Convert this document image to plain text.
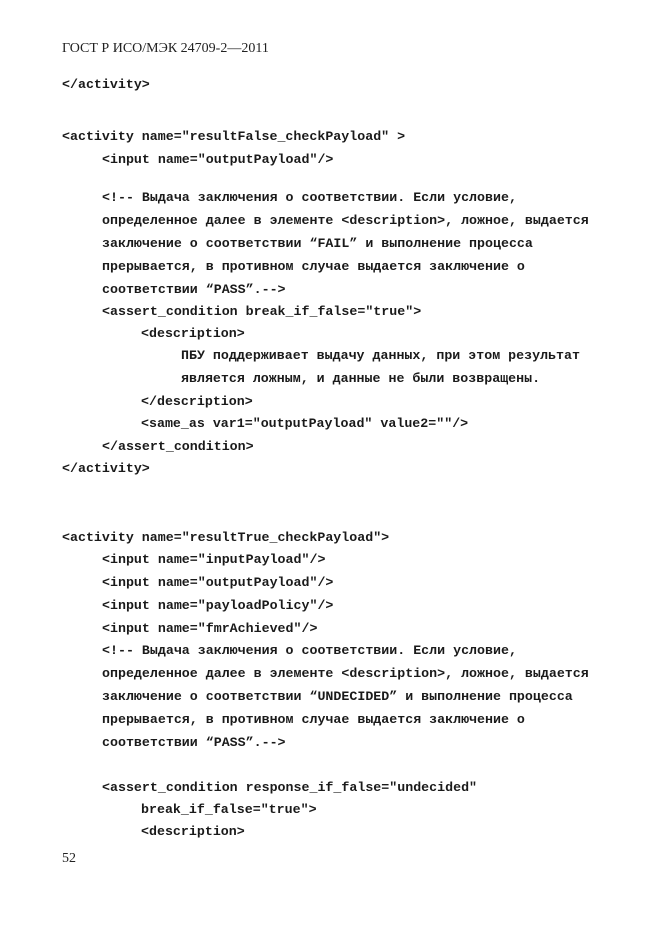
ГОСТ Р ИСО/МЭК 24709-2—2011
</activity>
<activity name="resultFalse_checkPayload" >
<input name="outputPayload"/>
<!-- Выдача заключения о соответствии. Если условие,
определенное далее в элементе <description>, ложное, выдается
заключение о соответствии “FAIL” и выполнение процесса
прерывается, в противном случае выдается заключение о
соответствии “PASS”.-->
<assert_condition break_if_false="true">
<description>
ПБУ поддерживает выдачу данных, при этом результат
является ложным, и данные не были возвращены.
</description>
<same_as var1="outputPayload" value2=""/>
</assert_condition>
</activity>
<activity name="resultTrue_checkPayload">
<input name="inputPayload"/>
<input name="outputPayload"/>
<input name="payloadPolicy"/>
<input name="fmrAchieved"/>
<!-- Выдача заключения о соответствии. Если условие,
определенное далее в элементе <description>, ложное, выдается
заключение о соответствии “UNDECIDED” и выполнение процесса
прерывается, в противном случае выдается заключение о
соответствии “PASS”.-->
<assert_condition response_if_false="undecided"
break_if_false="true">
<description>
52
